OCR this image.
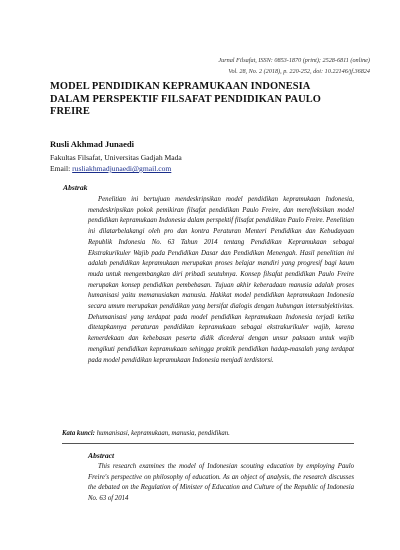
Jurnal Filsafat, ISSN: 0853-1870 (print); 2528-6811 (online)
Vol. 28, No. 2 (2018), p. 220-252, doi: 10.22146/jf.36824
MODEL PENDIDIKAN KEPRAMUKAAN INDONESIA DALAM PERSPEKTIF FILSAFAT PENDIDIKAN PAULO FREIRE
Rusli Akhmad Junaedi
Fakultas Filsafat, Universitas Gadjah Mada
Email: rusliakhmadjunaedi@gmail.com
Abstrak

Penelitian ini bertujuan mendeskripsikan model pendidikan kepramukaan Indonesia, mendeskripsikan pokok pemikiran filsafat pendidikan Paulo Freire, dan merefleksikan model pendidikan kepramukaan Indonesia dalam perspektif filsafat pendidikan Paulo Freire. Penelitian ini dilatarbelakangi oleh pro dan kontra Peraturan Menteri Pendidikan dan Kebudayaan Republik Indonesia No. 63 Tahun 2014 tentang Pendidikan Kepramukaan sebagai Ekstrakurikuler Wajib pada Pendidikan Dasar dan Pendidikan Menengah. Hasil penelitian ini adalah pendidikan kepramukaan merupakan proses belajar mandiri yang progresif bagi kaum muda untuk mengembangkan diri pribadi seutuhnya. Konsep filsafat pendidikan Paulo Freire merupakan konsep pendidikan pembebasan. Tujuan akhir keberadaan manusia adalah proses humanisasi yaitu memanusiakan manusia. Hakikat model pendidikan kepramukaan Indonesia secara umum merupakan pendidikan yang bersifat dialogis dengan hubungan intersubjektivitas. Dehumanisasi yang terdapat pada model pendidikan kepramukaan Indonesia terjadi ketika ditetapkannya peraturan pendidikan kepramukaan sebagai ekstrakurikuler wajib, karena kemerdekaan dan kebebasan peserta didik dicederai dengan unsur paksaan untuk wajib mengikuti pendidikan kepramukaan sehingga praktik pendidikan hadap-masalah yang terdapat pada model pendidikan kepramukaan Indonesia menjadi terdistorsi.

Kata kunci: humanisasi, kepramukaan, manusia, pendidikan.
Abstract

This research examines the model of Indonesian scouting education by employing Paulo Freire's perspective on philosophy of education. As an object of analysis, the research discusses the debated on the Regulation of Minister of Education and Culture of the Republic of Indonesia No. 63 of 2014
